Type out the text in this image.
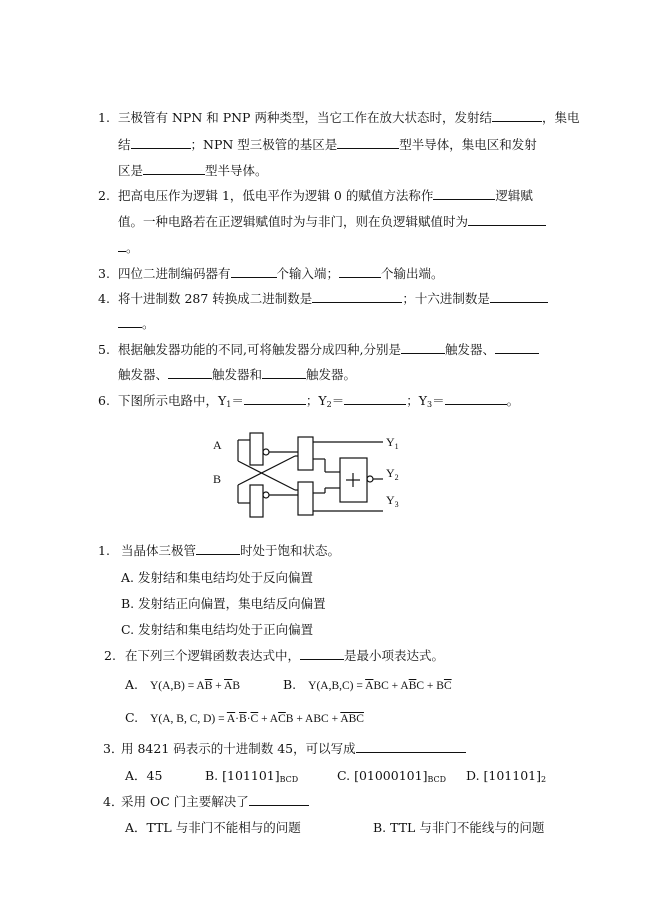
1. 三极管有 NPN 和 PNP 两种类型，当它工作在放大状态时，发射结	，集电
结	；NPN 型三极管的基区是	型半导体，集电区和发射
区是	型半导体。
2. 把高电压作为逻辑 1，低电平作为逻辑 0 的赋值方法称作	逻辑赋
值。一种电路若在正逻辑赋值时为与非门，则在负逻辑赋值时为
。
3. 四位二进制编码器有	个输入端；	个输出端。
4. 将十进制数 287 转换成二进制数是	；十六进制数是
。
5. 根据触发器功能的不同,可将触发器分成四种,分别是	触发器、
触发器、	触发器和	触发器。
6. 下图所示电路中，$Y_1=$	；$Y_2=$	；$Y_3=$	。
A
B
$Y_1$
$Y_2$
$Y_3$
1. 当晶体三极管	时处于饱和状态。
A. 发射结和集电结均处于反向偏置
B. 发射结正向偏置，集电结反向偏置
C. 发射结和集电结均处于正向偏置
2. 在下列三个逻辑函数表达式中，	是最小项表达式。
A. $Y(A,B) = A\overline{B} + \overline{A}B$	B. $Y(A,B,C) = \overline{A}BC + A\overline{B}C + B\overline{C}$
C. Y(A, B, C, $D) = \overline{A}\cdot\overline{B}\cdot\overline{C} + A\overline{C}B$ + ABC + $\overline{ABC}$
3．
用 8421 码表示的十进制数 45，可以写成
A．45	B. $[101101]_{BCD}$	C. $[01000101]_{BCD}$ D. $[101101]_2$
4．
采用 OC 门主要解决了
A．TTL 与非门不能相与的问题	B. TTL 与非门不能线与的问题
